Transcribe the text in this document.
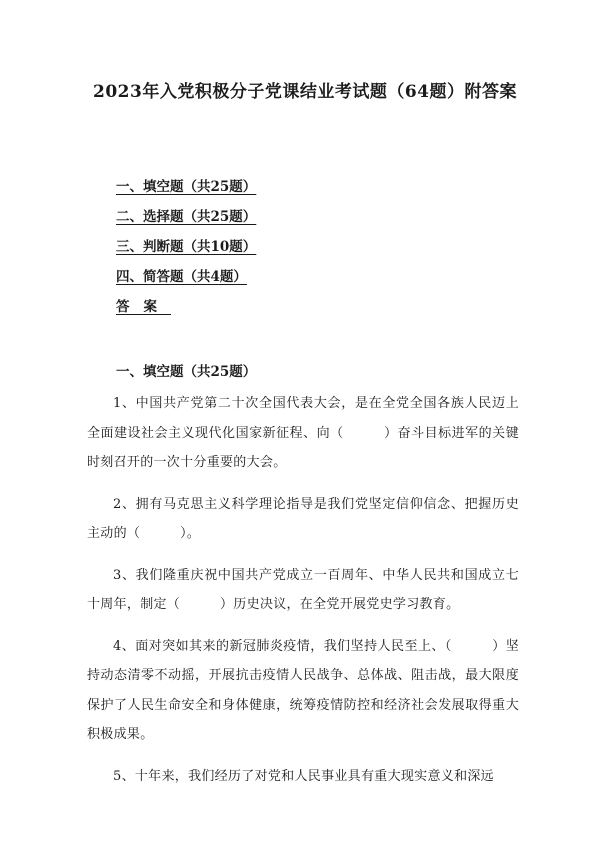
2023年入党积极分子党课结业考试题（64题）附答案
一、填空题（共25题）
二、选择题（共25题）
三、判断题（共10题）
四、简答题（共4题）
答案
一、填空题（共25题）

1、中国共产党第二十次全国代表大会，是在全党全国各族人民迈上全面建设社会主义现代化国家新征程、向（　　　）奋斗目标进军的关键时刻召开的一次十分重要的大会。

2、拥有马克思主义科学理论指导是我们党坚定信仰信念、把握历史主动的（　　　）。

3、我们隆重庆祝中国共产党成立一百周年、中华人民共和国成立七十周年，制定（　　　）历史决议，在全党开展党史学习教育。

4、面对突如其来的新冠肺炎疫情，我们坚持人民至上、（　　　）坚持动态清零不动摇，开展抗击疫情人民战争、总体战、阻击战，最大限度保护了人民生命安全和身体健康，统筹疫情防控和经济社会发展取得重大积极成果。

5、十年来，我们经历了对党和人民事业具有重大现实意义和深远
